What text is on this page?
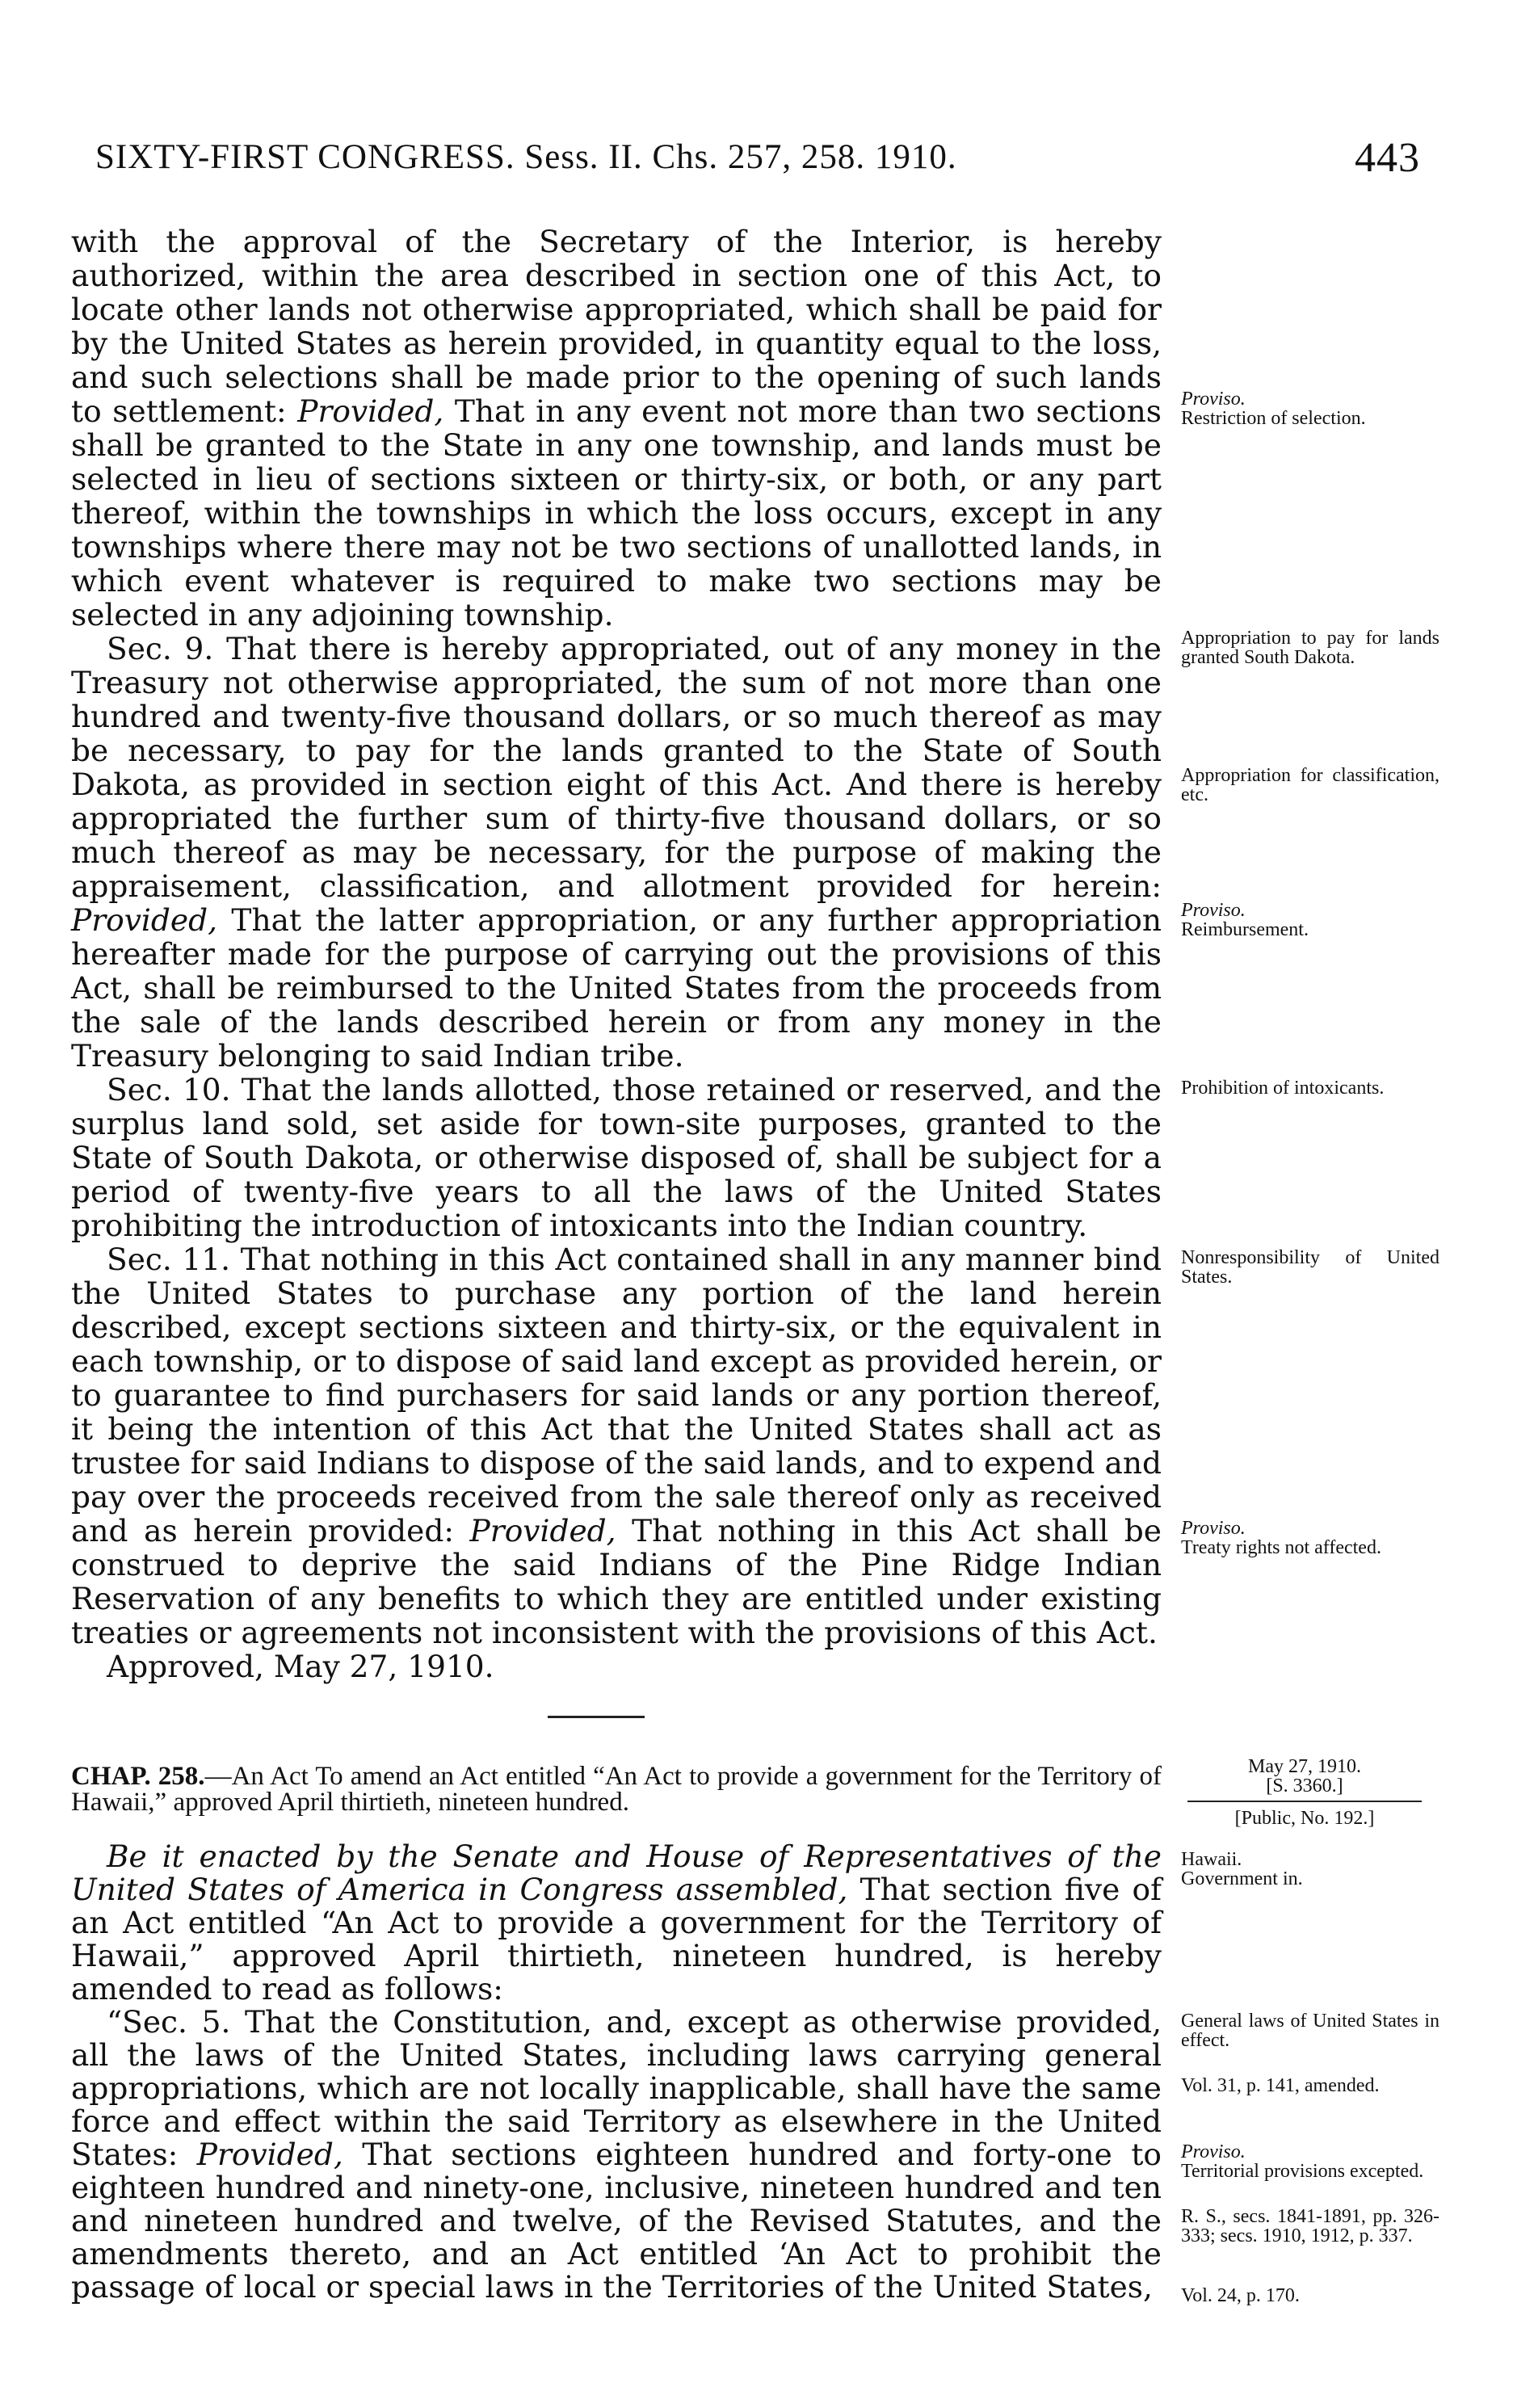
SIXTY-FIRST CONGRESS. Sess. II. Chs. 257, 258. 1910.	443

with the approval of the Secretary of the Interior, is hereby authorized, within the area described in section one of this Act, to locate other lands not otherwise appropriated, which shall be paid for by the United States as herein provided, in quantity equal to the loss, and such selections shall be made prior to the opening of such lands to settlement: Provided, That in any event not more than two sections shall be granted to the State in any one township, and lands must be selected in lieu of sections sixteen or thirty-six, or both, or any part thereof, within the townships in which the loss occurs, except in any townships where there may not be two sections of unallotted lands, in which event whatever is required to make two sections may be selected in any adjoining township.

Sec. 9. That there is hereby appropriated, out of any money in the Treasury not otherwise appropriated, the sum of not more than one hundred and twenty-five thousand dollars, or so much thereof as may be necessary, to pay for the lands granted to the State of South Dakota, as provided in section eight of this Act. And there is hereby appropriated the further sum of thirty-five thousand dollars, or so much thereof as may be necessary, for the purpose of making the appraisement, classification, and allotment provided for herein: Provided, That the latter appropriation, or any further appropriation hereafter made for the purpose of carrying out the provisions of this Act, shall be reimbursed to the United States from the proceeds from the sale of the lands described herein or from any money in the Treasury belonging to said Indian tribe.

Sec. 10. That the lands allotted, those retained or reserved, and the surplus land sold, set aside for town-site purposes, granted to the State of South Dakota, or otherwise disposed of, shall be subject for a period of twenty-five years to all the laws of the United States prohibiting the introduction of intoxicants into the Indian country.

Sec. 11. That nothing in this Act contained shall in any manner bind the United States to purchase any portion of the land herein described, except sections sixteen and thirty-six, or the equivalent in each township, or to dispose of said land except as provided herein, or to guarantee to find purchasers for said lands or any portion thereof, it being the intention of this Act that the United States shall act as trustee for said Indians to dispose of the said lands, and to expend and pay over the proceeds received from the sale thereof only as received and as herein provided: Provided, That nothing in this Act shall be construed to deprive the said Indians of the Pine Ridge Indian Reservation of any benefits to which they are entitled under existing treaties or agreements not inconsistent with the provisions of this Act.

Approved, May 27, 1910.

CHAP. 258.—An Act To amend an Act entitled “An Act to provide a government for the Territory of Hawaii,” approved April thirtieth, nineteen hundred.

Be it enacted by the Senate and House of Representatives of the United States of America in Congress assembled, That section five of an Act entitled “An Act to provide a government for the Territory of Hawaii,” approved April thirtieth, nineteen hundred, is hereby amended to read as follows:

“Sec. 5. That the Constitution, and, except as otherwise provided, all the laws of the United States, including laws carrying general appropriations, which are not locally inapplicable, shall have the same force and effect within the said Territory as elsewhere in the United States: Provided, That sections eighteen hundred and forty-one to eighteen hundred and ninety-one, inclusive, nineteen hundred and ten and nineteen hundred and twelve, of the Revised Statutes, and the amendments thereto, and an Act entitled ‘An Act to prohibit the passage of local or special laws in the Territories of the United States,

Proviso.
Restriction of selection.
Appropriation to pay for lands granted South Dakota.
Appropriation for classification, etc.
Proviso.
Reimbursement.
Prohibition of intoxicants.
Nonresponsibility of United States.
Proviso.
Treaty rights not affected.
May 27, 1910.
[S. 3360.]
[Public, No. 192.]
Hawaii.
Government in.
General laws of United States in effect.
Vol. 31, p. 141, amended.
Proviso.
Territorial provisions excepted.
R. S., secs. 1841-1891, pp. 326-333; secs. 1910, 1912, p. 337.
Vol. 24, p. 170.
